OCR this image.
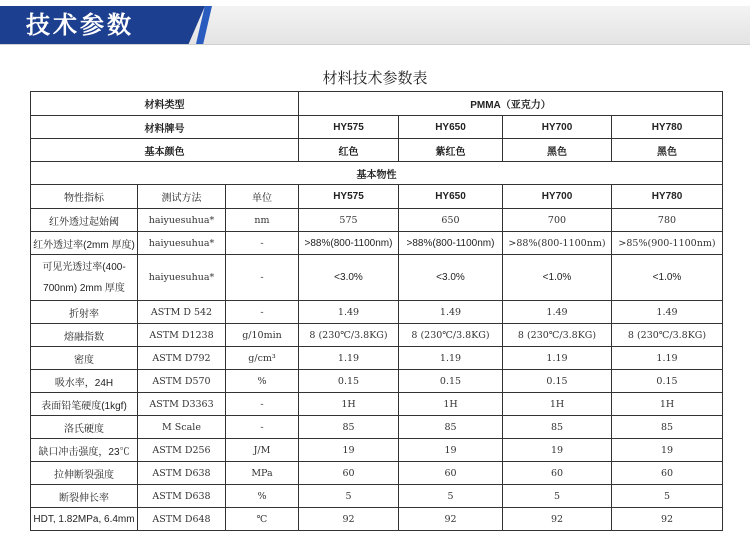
技术参数
材料技术参数表
材料类型			PMMA（亚克力）			
材料牌号			HY575	HY650	HY700	HY780
基本颜色			红色	紫红色	黑色	黑色
基本物性						
物性指标	测试方法	单位	HY575	HY650	HY700	HY780
红外透过起始阈	haiyuesuhua*	nm	575	650	700	780
红外透过率(2mm 厚度)	haiyuesuhua*	-	>88%(800-1100nm)	>88%(800-1100nm)	>88%(800-1100nm)	>85%(900-1100nm)
可见光透过率(400-700nm) 2mm 厚度	haiyuesuhua*	-	<3.0%	<3.0%	<1.0%	<1.0%
折射率	ASTM D 542	-	1.49	1.49	1.49	1.49
熔融指数	ASTM D1238	g/10min	8 (230℃/3.8KG)	8 (230℃/3.8KG)	8 (230℃/3.8KG)	8 (230℃/3.8KG)
密度	ASTM D792	g/cm³	1.19	1.19	1.19	1.19
吸水率，24H	ASTM D570	%	0.15	0.15	0.15	0.15
表面铅笔硬度(1kgf)	ASTM D3363	-	1H	1H	1H	1H
洛氏硬度	M Scale	-	85	85	85	85
缺口冲击强度，23℃	ASTM D256	J/M	19	19	19	19
拉伸断裂强度	ASTM D638	MPa	60	60	60	60
断裂伸长率	ASTM D638	%	5	5	5	5
HDT, 1.82MPa, 6.4mm	ASTM D648	℃	92	92	92	92
